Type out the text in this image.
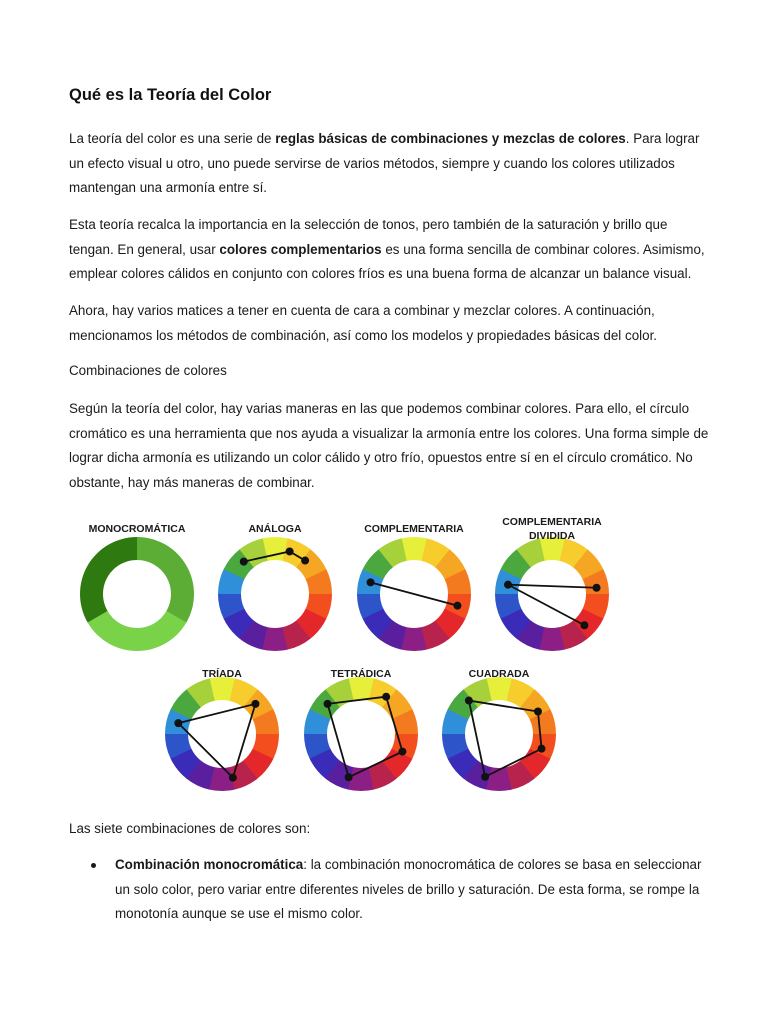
Qué es la Teoría del Color

La teoría del color es una serie de reglas básicas de combinaciones y mezclas de colores. Para lograr un efecto visual u otro, uno puede servirse de varios métodos, siempre y cuando los colores utilizados mantengan una armonía entre sí.

Esta teoría recalca la importancia en la selección de tonos, pero también de la saturación y brillo que tengan. En general, usar colores complementarios es una forma sencilla de combinar colores. Asimismo, emplear colores cálidos en conjunto con colores fríos es una buena forma de alcanzar un balance visual.

Ahora, hay varios matices a tener en cuenta de cara a combinar y mezclar colores. A continuación, mencionamos los métodos de combinación, así como los modelos y propiedades básicas del color.

Combinaciones de colores

Según la teoría del color, hay varias maneras en las que podemos combinar colores. Para ello, el círculo cromático es una herramienta que nos ayuda a visualizar la armonía entre los colores. Una forma simple de lograr dicha armonía es utilizando un color cálido y otro frío, opuestos entre sí en el círculo cromático. No obstante, hay más maneras de combinar.

MONOCROMÁTICA	ANÁLOGA	COMPLEMENTARIA
COMPLEMENTARIA
DIVIDIDA
TRÍADA	TETRÁDICA	CUADRADA

Las siete combinaciones de colores son:

Combinación monocromática: la combinación monocromática de colores se basa en seleccionar un solo color, pero variar entre diferentes niveles de brillo y saturación. De esta forma, se rompe la monotonía aunque se use el mismo color.
